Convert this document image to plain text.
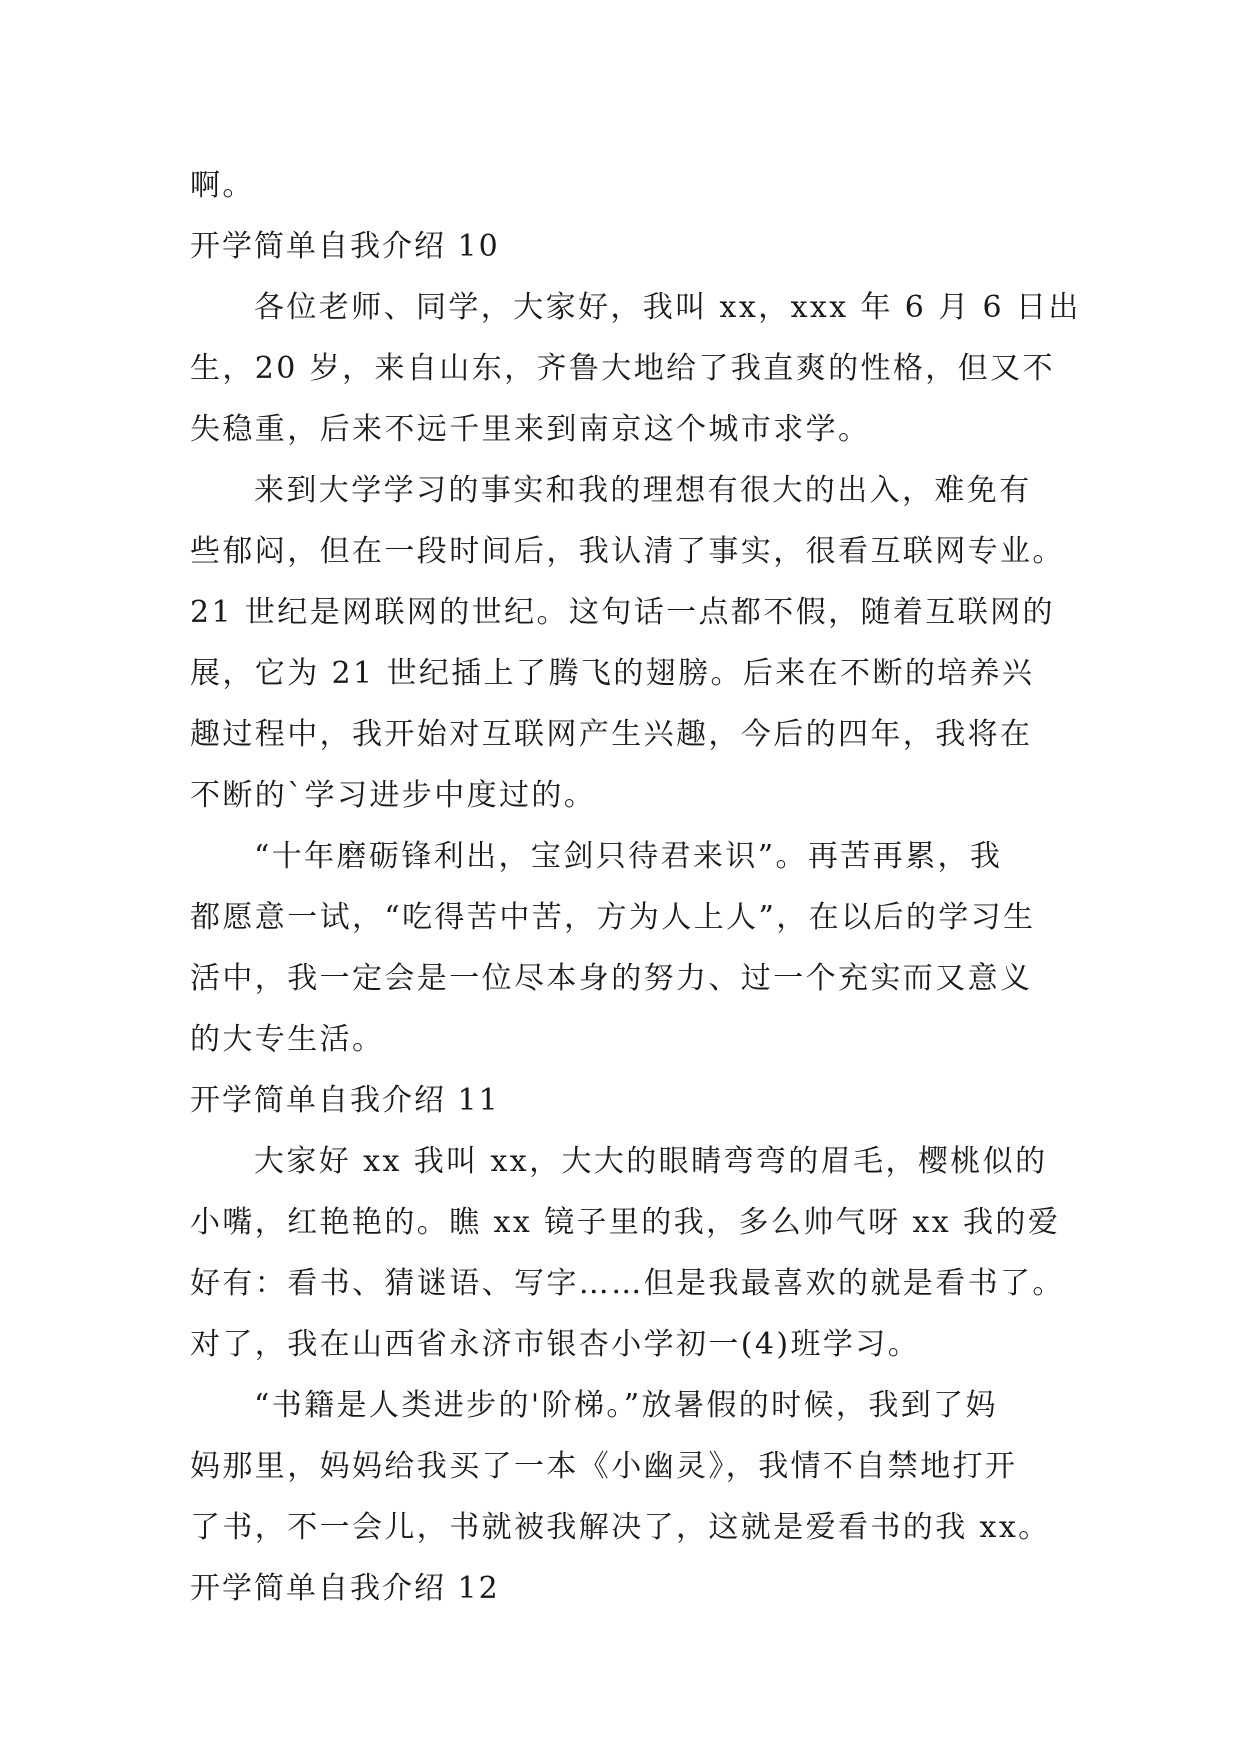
啊。
开学简单自我介绍 10
各位老师、同学，大家好，我叫 xx，xxx 年 6 月 6 日出
生，20 岁，来自山东，齐鲁大地给了我直爽的性格，但又不
失稳重，后来不远千里来到南京这个城市求学。
来到大学学习的事实和我的理想有很大的出入，难免有
些郁闷，但在一段时间后，我认清了事实，很看互联网专业。
21 世纪是网联网的世纪。这句话一点都不假，随着互联网的
展，它为 21 世纪插上了腾飞的翅膀。后来在不断的培养兴
趣过程中，我开始对互联网产生兴趣，今后的四年，我将在
不断的`学习进步中度过的。
“十年磨砺锋利出，宝剑只待君来识”。再苦再累，我
都愿意一试，“吃得苦中苦，方为人上人”，在以后的学习生
活中，我一定会是一位尽本身的努力、过一个充实而又意义
的大专生活。
开学简单自我介绍 11
大家好 xx 我叫 xx，大大的眼睛弯弯的眉毛，樱桃似的
小嘴，红艳艳的。瞧 xx 镜子里的我，多么帅气呀 xx 我的爱
好有：看书、猜谜语、写字……但是我最喜欢的就是看书了。
对了，我在山西省永济市银杏小学初一(4)班学习。
“书籍是人类进步的'阶梯。”放暑假的时候，我到了妈
妈那里，妈妈给我买了一本《小幽灵》，我情不自禁地打开
了书，不一会儿，书就被我解决了，这就是爱看书的我 xx。
开学简单自我介绍 12
